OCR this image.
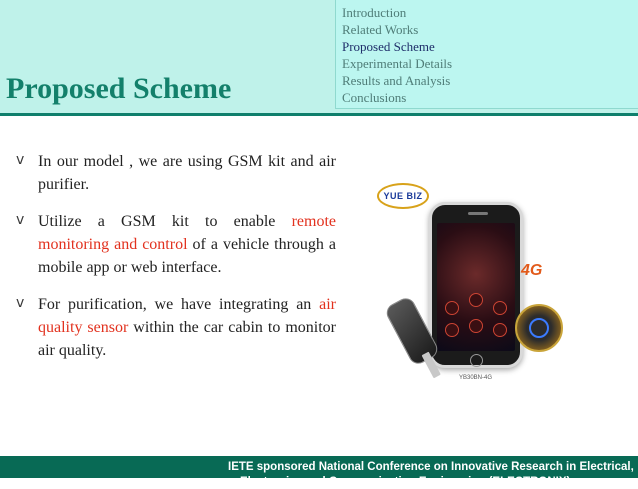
Proposed Scheme
Introduction
Related Works
Proposed Scheme
Experimental Details
Results and Analysis
Conclusions
v In our model , we are using GSM kit and air purifier.

v Utilize a GSM kit to enable remote monitoring and control of a vehicle through a mobile app or web interface.

v For purification, we have integrating an air quality sensor within the car cabin to monitor air quality.

YUE BIZ
4G
YB30BN-4G
IETE sponsored National Conference on Innovative Research in Electrical,
Electronics and Communication Engineering (ELECTRONIX)
